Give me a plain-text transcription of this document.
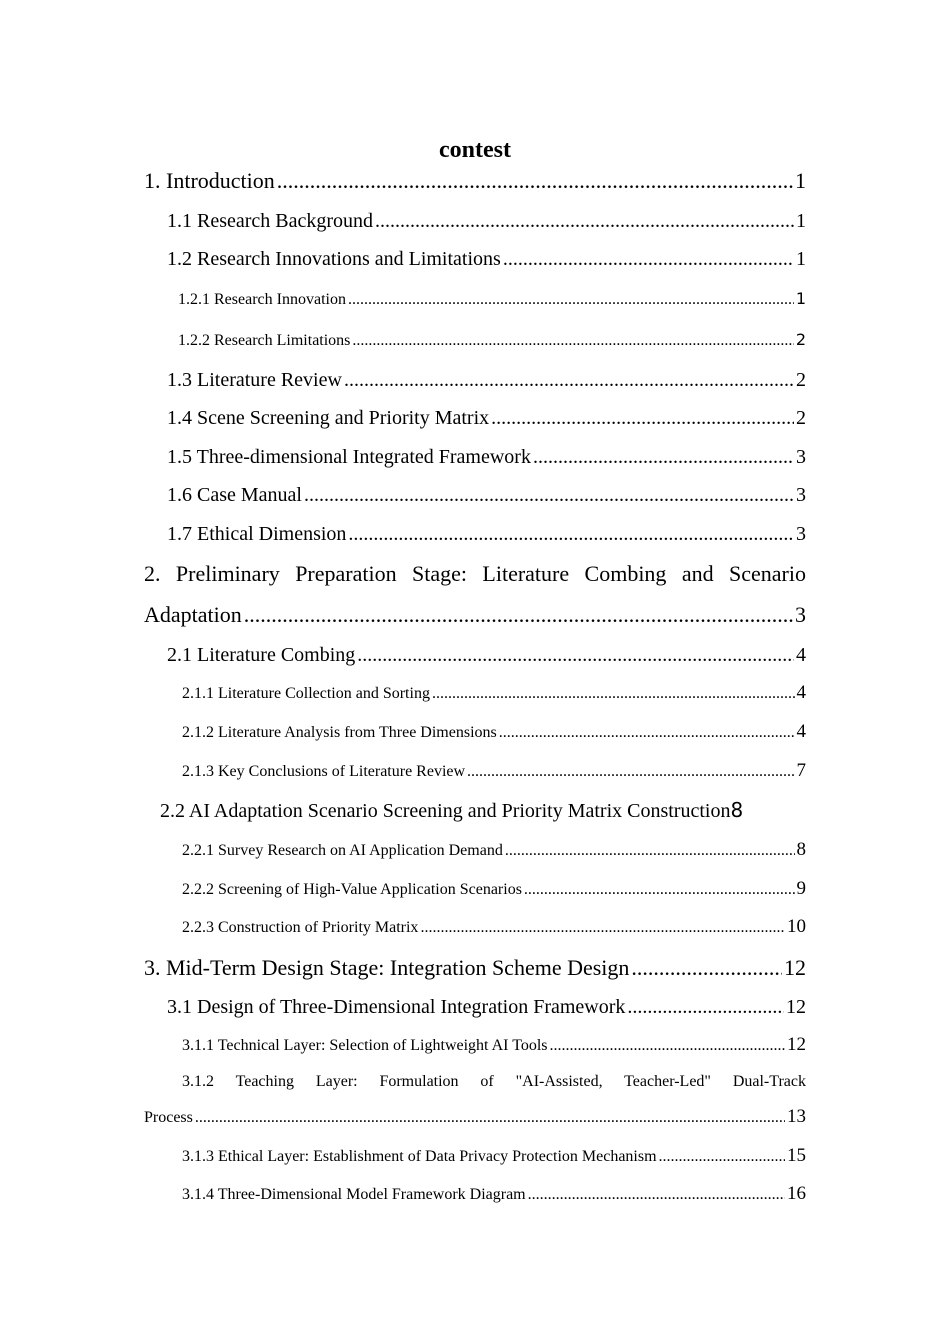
contest
1. Introduction .....	1
1.1 Research Background .....	1
1.2 Research Innovations and Limitations .....	1
1.2.1 Research Innovation .....	1
1.2.2 Research Limitations .....	2
1.3 Literature Review .....	2
1.4 Scene Screening and Priority Matrix .....	2
1.5 Three-dimensional Integrated Framework .....	3
1.6 Case Manual .....	3
1.7 Ethical Dimension .....	3
2. Preliminary Preparation Stage: Literature Combing and Scenario
Adaptation .....	3
2.1 Literature Combing .....	4
2.1.1 Literature Collection and Sorting .....	4
2.1.2 Literature Analysis from Three Dimensions .....	4
2.1.3 Key Conclusions of Literature Review .....	7
2.2 AI Adaptation Scenario Screening and Priority Matrix Construction 8
2.2.1 Survey Research on AI Application Demand .....	8
2.2.2 Screening of High-Value Application Scenarios .....	9
2.2.3 Construction of Priority Matrix .....	10
3. Mid-Term Design Stage: Integration Scheme Design .....	12
3.1 Design of Three-Dimensional Integration Framework .....	12
3.1.1 Technical Layer: Selection of Lightweight AI Tools .....	12
3.1.2 Teaching Layer: Formulation of "AI-Assisted, Teacher-Led" Dual-Track
Process .....	13
3.1.3 Ethical Layer: Establishment of Data Privacy Protection Mechanism .....	15
3.1.4 Three-Dimensional Model Framework Diagram .....	16
